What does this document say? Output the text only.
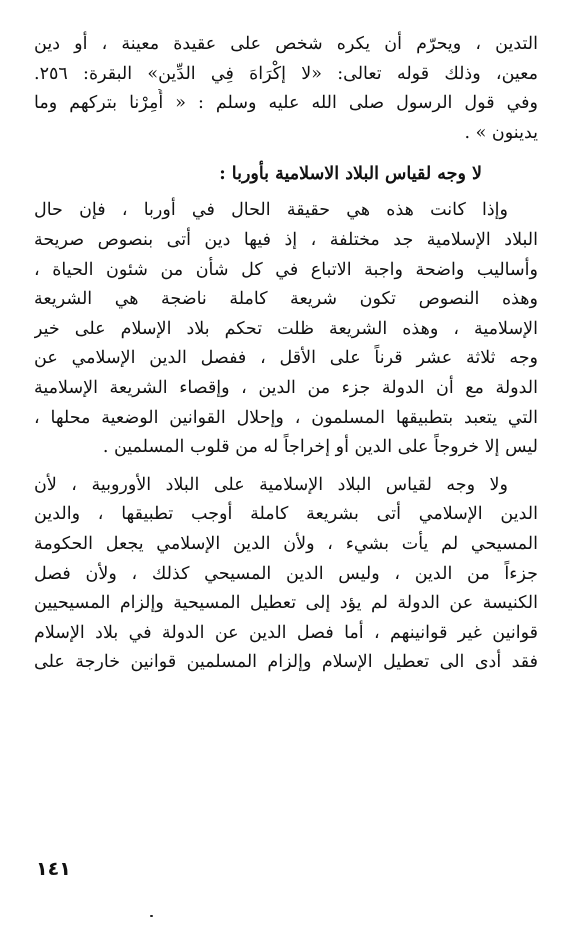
التدين ، ويحرّم أن يكره شخص على عقيدة معينة ، أو دين
معين، وذلك قوله تعالى: «لا إكْرَاهَ فِي الدِّين» البقرة: ٢٥٦.
وفي قول الرسول صلى الله عليه وسلم : « أُمِرْنا بتركهم وما
يدينون » .
لا وجه لقياس البلاد الاسلامية بأوربا :
وإذا كانت هذه هي حقيقة الحال في أوربا ، فإن حال
البلاد الإسلامية جد مختلفة ، إذ فيها دين أتى بنصوص صريحة
وأساليب واضحة واجبة الاتباع في كل شأن من شئون الحياة ،
وهذه النصوص تكون شريعة كاملة ناضجة هي الشريعة
الإسلامية ، وهذه الشريعة ظلت تحكم بلاد الإسلام على خير
وجه ثلاثة عشر قرناً على الأقل ، ففصل الدين الإسلامي عن
الدولة مع أن الدولة جزء من الدين ، وإقصاء الشريعة الإسلامية
التي يتعبد بتطبيقها المسلمون ، وإحلال القوانين الوضعية محلها ،
ليس إلا خروجاً على الدين أو إخراجاً له من قلوب المسلمين .
ولا وجه لقياس البلاد الإسلامية على البلاد الأوروبية ، لأن
الدين الإسلامي أتى بشريعة كاملة أوجب تطبيقها ، والدين
المسيحي لم يأت بشيء ، ولأن الدين الإسلامي يجعل الحكومة
جزءاً من الدين ، وليس الدين المسيحي كذلك ، ولأن فصل
الكنيسة عن الدولة لم يؤد إلى تعطيل المسيحية وإلزام المسيحيين
قوانين غير قوانينهم ، أما فصل الدين عن الدولة في بلاد الإسلام
فقد أدى الى تعطيل الإسلام وإلزام المسلمين قوانين خارجة على
١٤١
